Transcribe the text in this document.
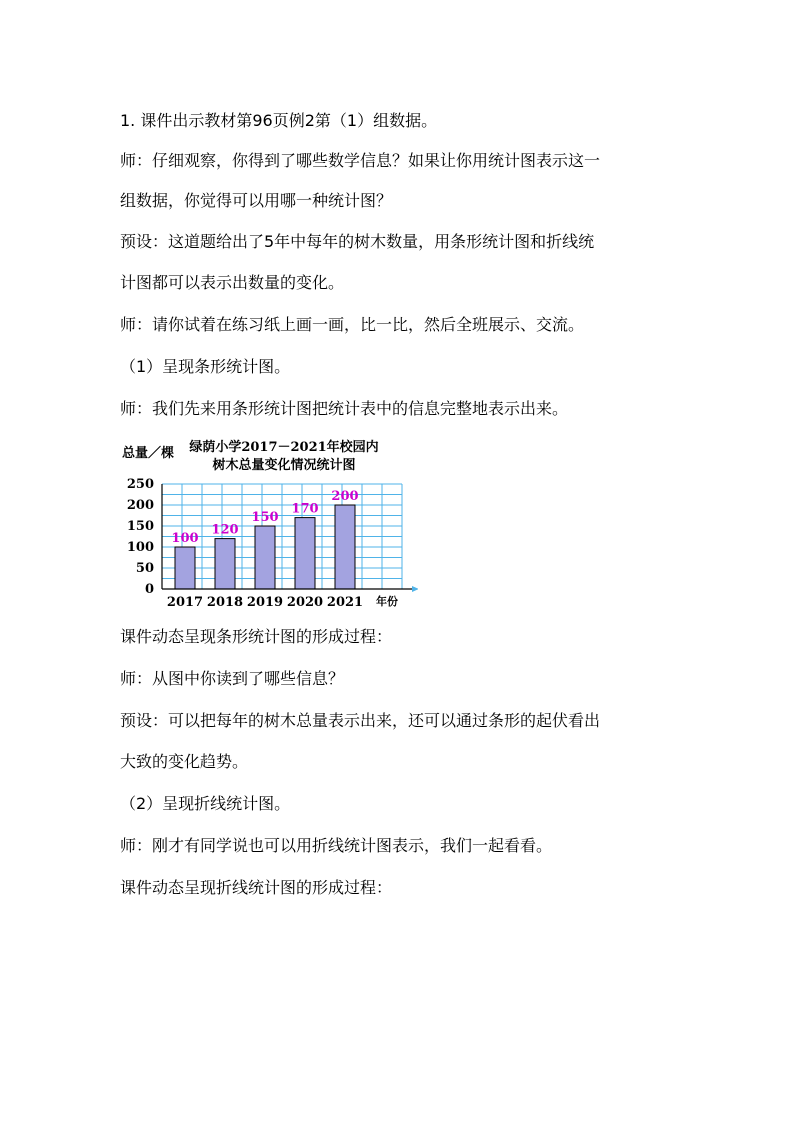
1. 课件出示教材第96页例2第（1）组数据。
师：仔细观察，你得到了哪些数学信息？如果让你用统计图表示这一
组数据，你觉得可以用哪一种统计图？
预设：这道题给出了5年中每年的树木数量，用条形统计图和折线统
计图都可以表示出数量的变化。
师：请你试着在练习纸上画一画，比一比，然后全班展示、交流。
（1）呈现条形统计图。
师：我们先来用条形统计图把统计表中的信息完整地表示出来。
100
120
150
170
200
2017 2018 2019 2020 2021
0
50
100
150
200
250
总量／棵 绿荫小学2017－2021年校园内
树木总量变化情况统计图
年份
课件动态呈现条形统计图的形成过程：
师：从图中你读到了哪些信息？
预设：可以把每年的树木总量表示出来，还可以通过条形的起伏看出
大致的变化趋势。
（2）呈现折线统计图。
师：刚才有同学说也可以用折线统计图表示，我们一起看看。
课件动态呈现折线统计图的形成过程：
